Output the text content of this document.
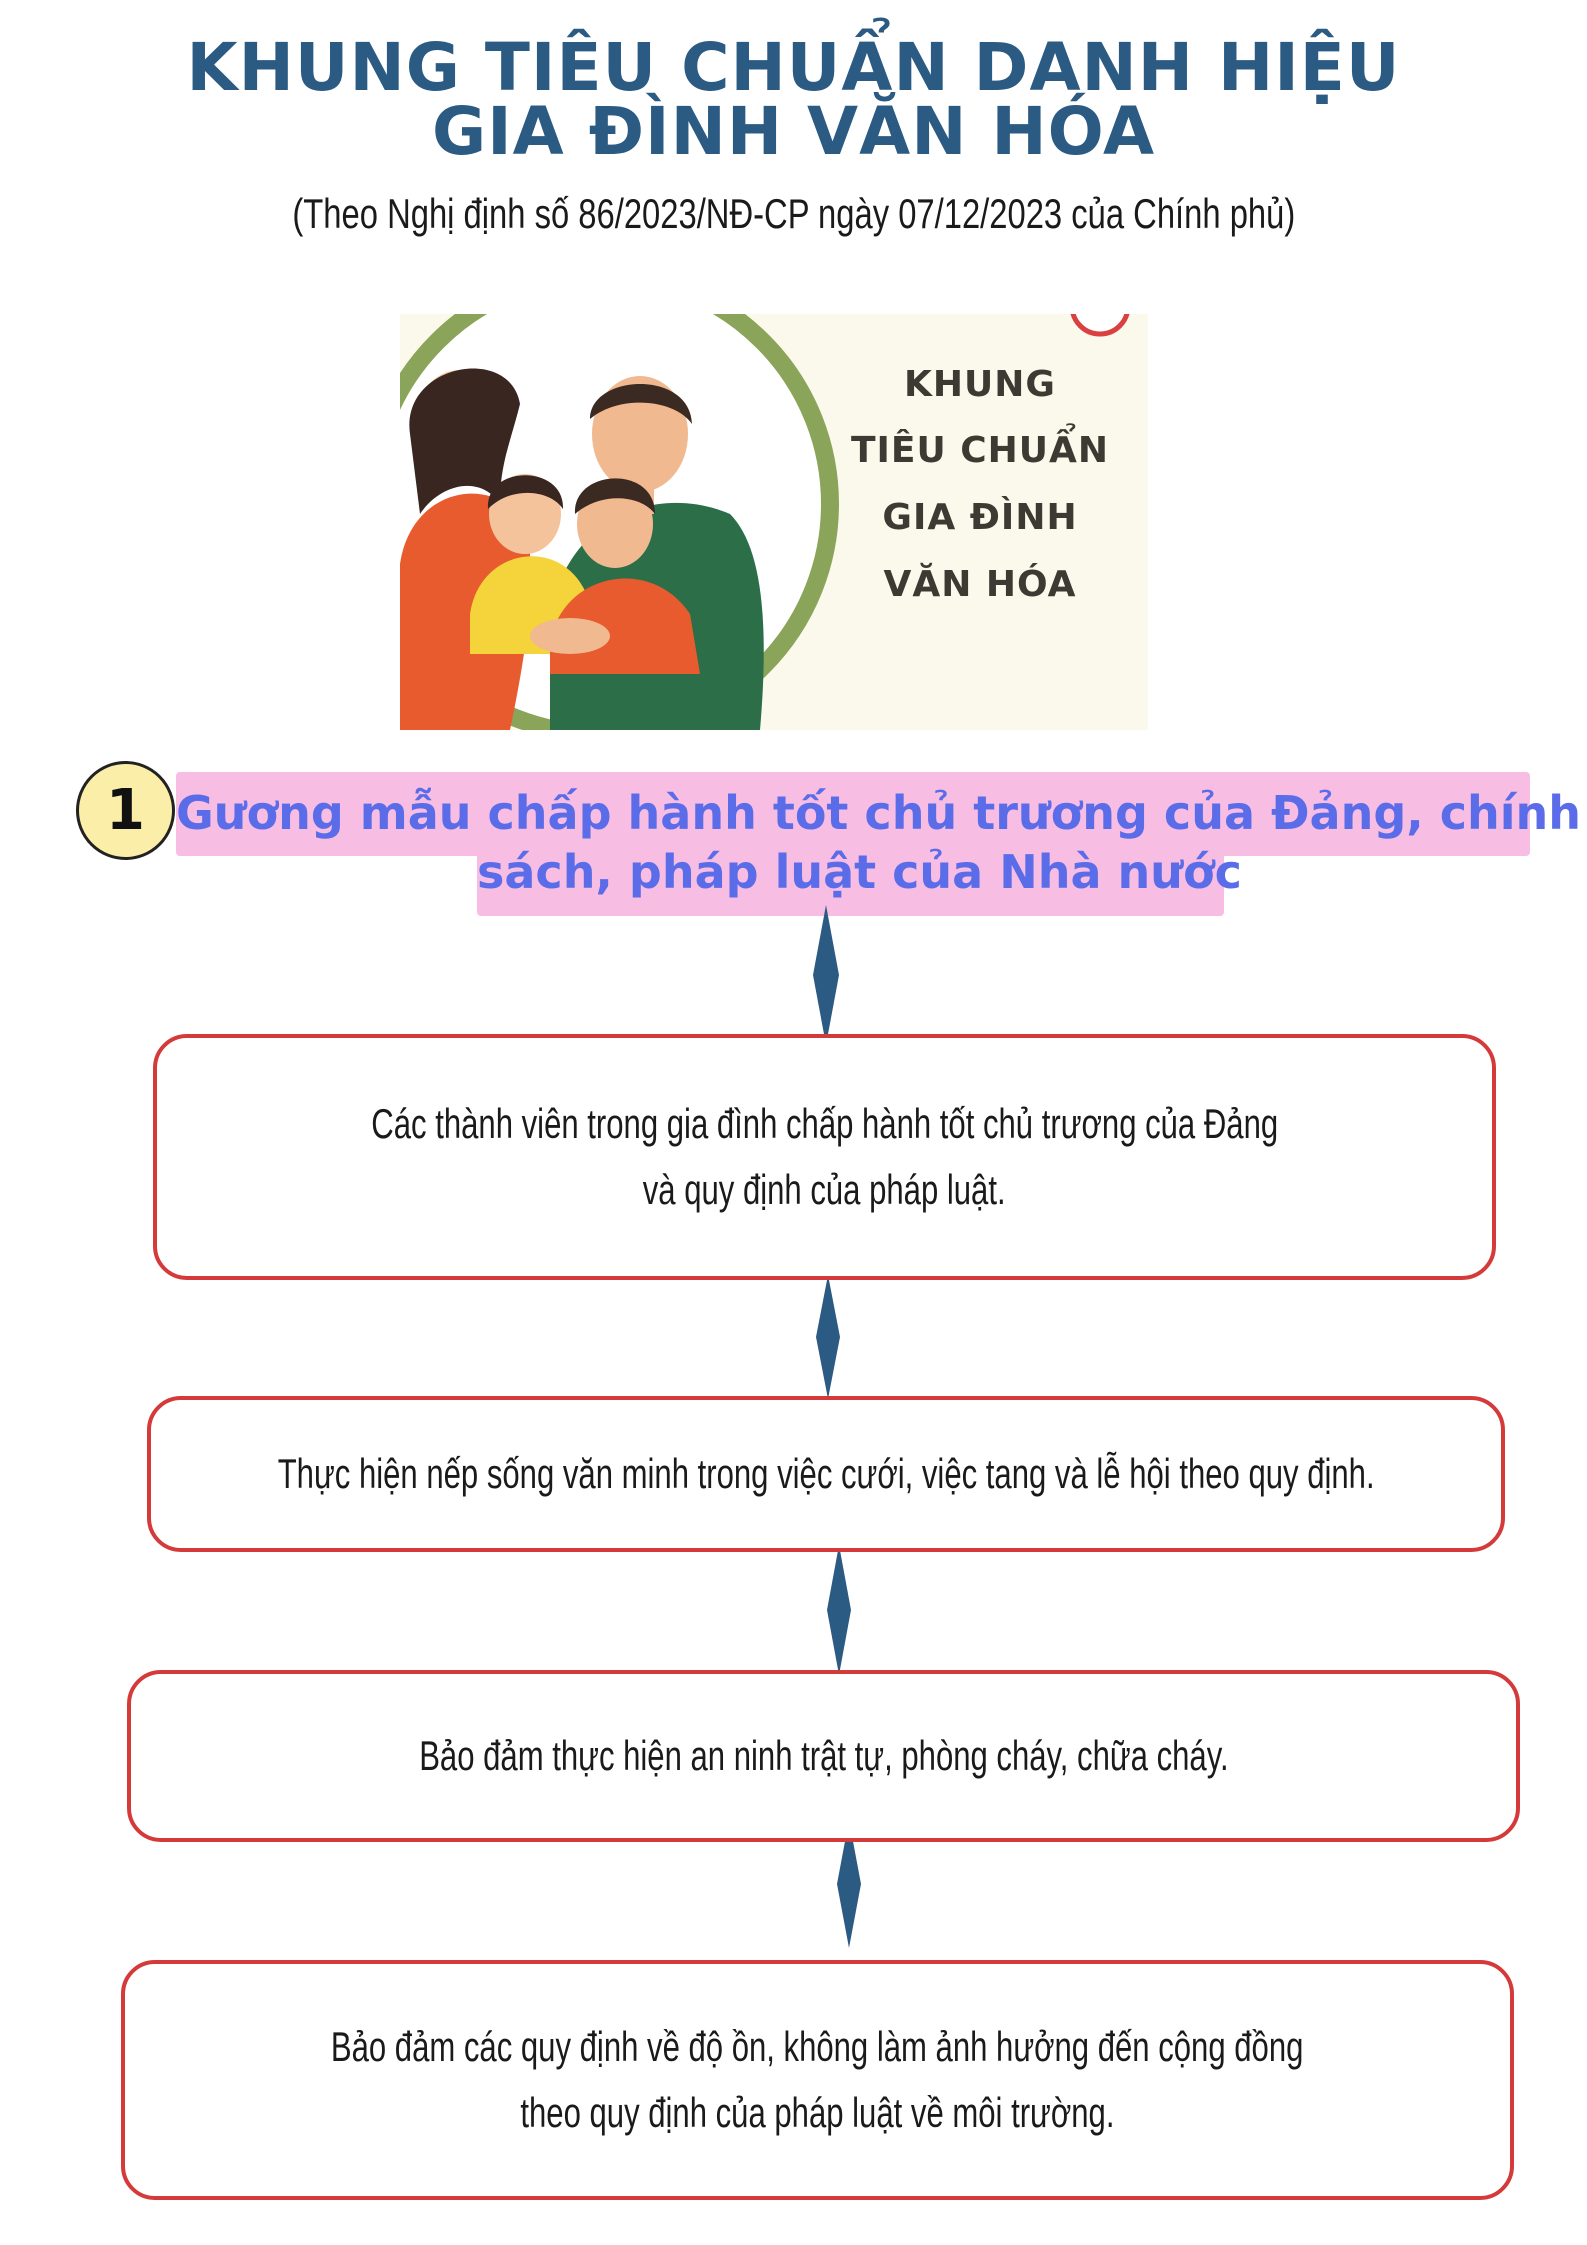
KHUNG TIÊU CHUẨN DANH HIỆU
GIA ĐÌNH VĂN HÓA

(Theo Nghị định số 86/2023/NĐ-CP ngày 07/12/2023 của Chính phủ)

KHUNG
TIÊU CHUẨN
GIA ĐÌNH
VĂN HÓA
1 Gương mẫu chấp hành tốt chủ trương của Đảng, chính
sách, pháp luật của Nhà nước
Các thành viên trong gia đình chấp hành tốt chủ trương của Đảng
và quy định của pháp luật.
Thực hiện nếp sống văn minh trong việc cưới, việc tang và lễ hội theo quy định.
Bảo đảm thực hiện an ninh trật tự, phòng cháy, chữa cháy.
Bảo đảm các quy định về độ ồn, không làm ảnh hưởng đến cộng đồng
theo quy định của pháp luật về môi trường.
